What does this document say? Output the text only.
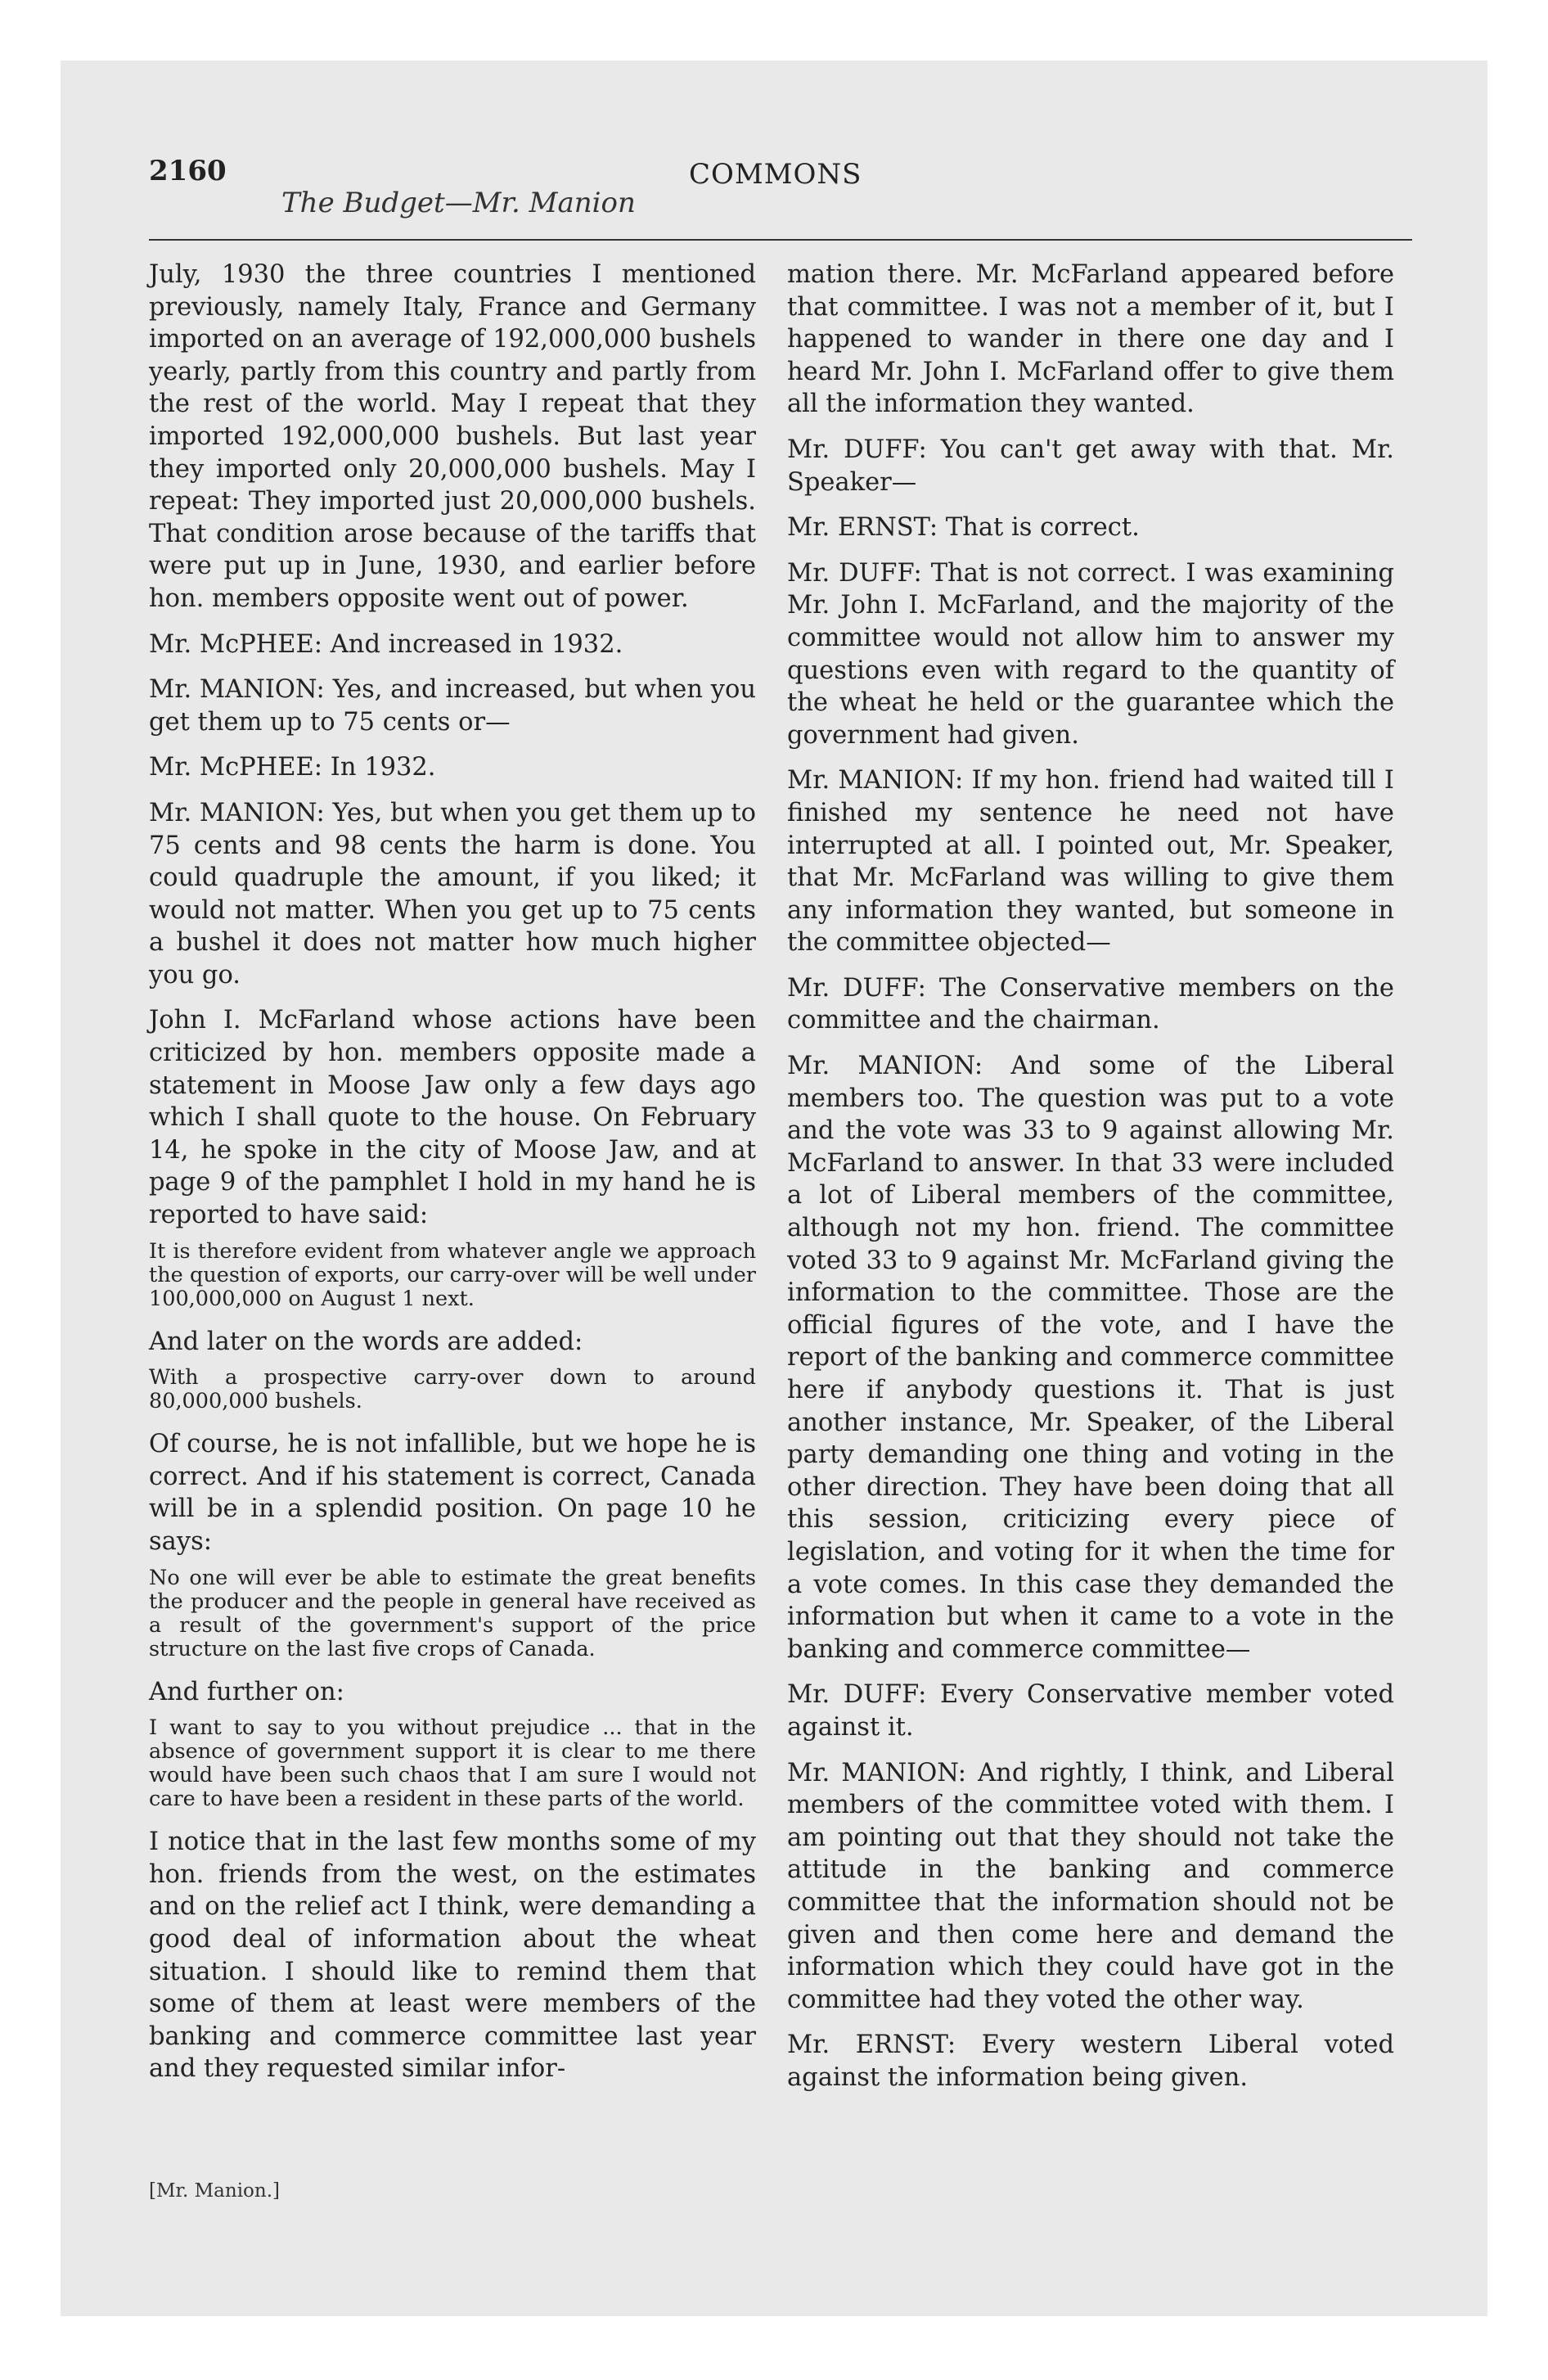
2160	COMMONS
The Budget—Mr. Manion

July, 1930 the three countries I mentioned previously, namely Italy, France and Germany imported on an average of 192,000,000 bushels yearly, partly from this country and partly from the rest of the world. May I repeat that they imported 192,000,000 bushels. But last year they imported only 20,000,000 bushels. May I repeat: They imported just 20,000,000 bushels. That condition arose because of the tariffs that were put up in June, 1930, and earlier before hon. members opposite went out of power.

Mr. McPHEE: And increased in 1932.

Mr. MANION: Yes, and increased, but when you get them up to 75 cents or—

Mr. McPHEE: In 1932.

Mr. MANION: Yes, but when you get them up to 75 cents and 98 cents the harm is done. You could quadruple the amount, if you liked; it would not matter. When you get up to 75 cents a bushel it does not matter how much higher you go.

John I. McFarland whose actions have been criticized by hon. members opposite made a statement in Moose Jaw only a few days ago which I shall quote to the house. On February 14, he spoke in the city of Moose Jaw, and at page 9 of the pamphlet I hold in my hand he is reported to have said:

It is therefore evident from whatever angle we approach the question of exports, our carry-over will be well under 100,000,000 on August 1 next.

And later on the words are added:

With a prospective carry-over down to around 80,000,000 bushels.

Of course, he is not infallible, but we hope he is correct. And if his statement is correct, Canada will be in a splendid position. On page 10 he says:

No one will ever be able to estimate the great benefits the producer and the people in general have received as a result of the government's support of the price structure on the last five crops of Canada.

And further on:

I want to say to you without prejudice ... that in the absence of government support it is clear to me there would have been such chaos that I am sure I would not care to have been a resident in these parts of the world.

I notice that in the last few months some of my hon. friends from the west, on the estimates and on the relief act I think, were demanding a good deal of information about the wheat situation. I should like to remind them that some of them at least were members of the banking and commerce committee last year and they requested similar infor-

mation there. Mr. McFarland appeared before that committee. I was not a member of it, but I happened to wander in there one day and I heard Mr. John I. McFarland offer to give them all the information they wanted.

Mr. DUFF: You can't get away with that. Mr. Speaker—

Mr. ERNST: That is correct.

Mr. DUFF: That is not correct. I was examining Mr. John I. McFarland, and the majority of the committee would not allow him to answer my questions even with regard to the quantity of the wheat he held or the guarantee which the government had given.

Mr. MANION: If my hon. friend had waited till I finished my sentence he need not have interrupted at all. I pointed out, Mr. Speaker, that Mr. McFarland was willing to give them any information they wanted, but someone in the committee objected—

Mr. DUFF: The Conservative members on the committee and the chairman.

Mr. MANION: And some of the Liberal members too. The question was put to a vote and the vote was 33 to 9 against allowing Mr. McFarland to answer. In that 33 were included a lot of Liberal members of the committee, although not my hon. friend. The committee voted 33 to 9 against Mr. McFarland giving the information to the committee. Those are the official figures of the vote, and I have the report of the banking and commerce committee here if anybody questions it. That is just another instance, Mr. Speaker, of the Liberal party demanding one thing and voting in the other direction. They have been doing that all this session, criticizing every piece of legislation, and voting for it when the time for a vote comes. In this case they demanded the information but when it came to a vote in the banking and commerce committee—

Mr. DUFF: Every Conservative member voted against it.

Mr. MANION: And rightly, I think, and Liberal members of the committee voted with them. I am pointing out that they should not take the attitude in the banking and commerce committee that the information should not be given and then come here and demand the information which they could have got in the committee had they voted the other way.

Mr. ERNST: Every western Liberal voted against the information being given.

[Mr. Manion.]
